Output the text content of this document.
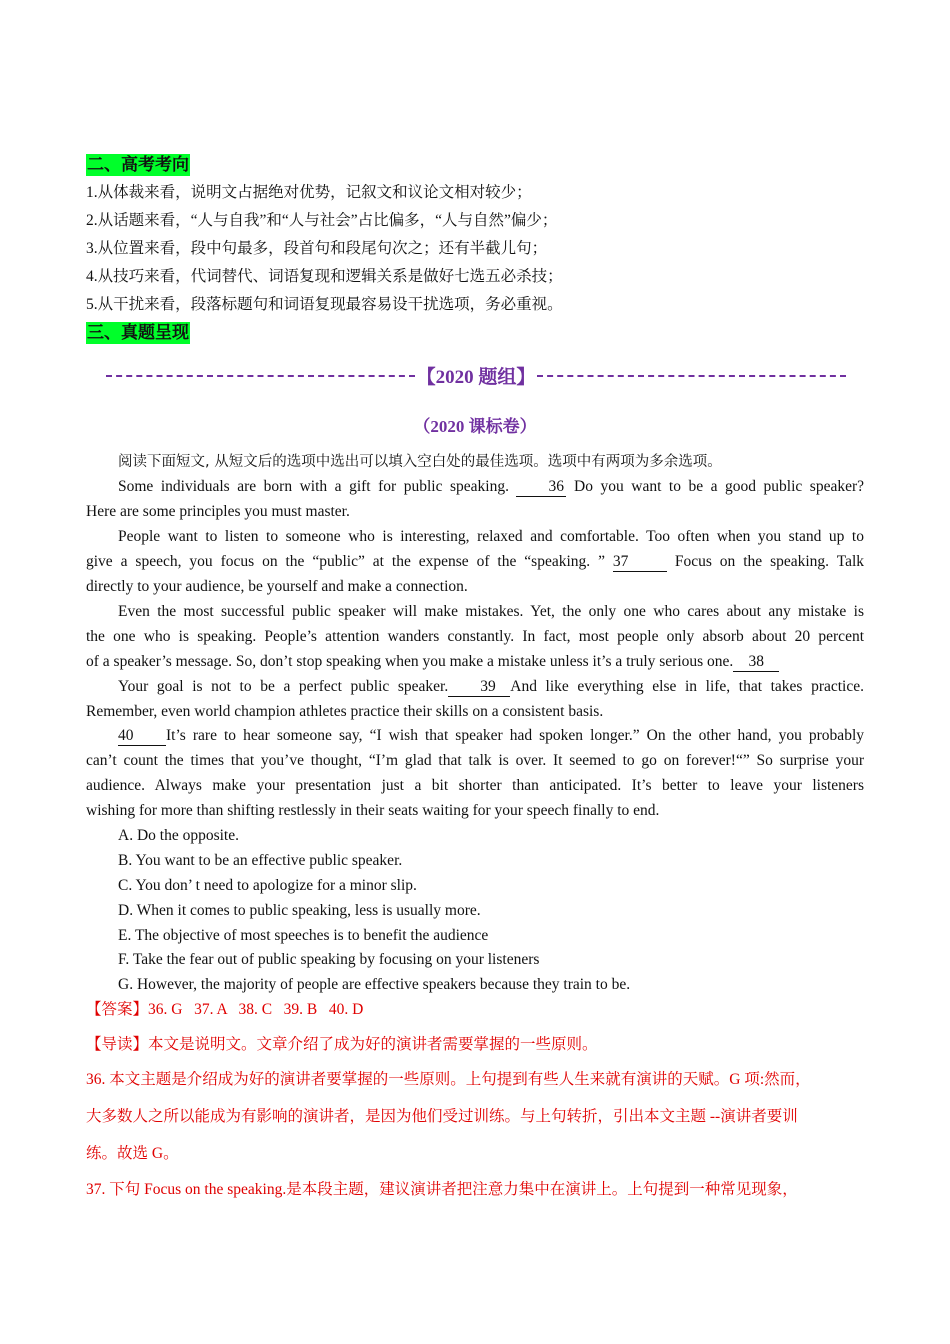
二、高考考向
1.从体裁来看，说明文占据绝对优势，记叙文和议论文相对较少；
2.从话题来看，“人与自我”和“人与社会”占比偏多，“人与自然”偏少；
3.从位置来看，段中句最多，段首句和段尾句次之；还有半截儿句；
4.从技巧来看，代词替代、词语复现和逻辑关系是做好七选五必杀技；
5.从干扰来看，段落标题句和词语复现最容易设干扰选项，务必重视。
三、真题呈现
【2020 题组】
（2020 课标卷）
阅读下面短文, 从短文后的选项中选出可以填入空白处的最佳选项。选项中有两项为多余选项。
Some individuals are born with a gift for public speaking.	36 Do you want to be a good public speaker?
Here are some principles you must master.
People want to listen to someone who is interesting, relaxed and comfortable. Too often when you stand up to
give a speech, you focus on the “public” at the expense of the “speaking. ” 37	Focus on the speaking. Talk
directly to your audience, be yourself and make a connection.
Even the most successful public speaker will make mistakes. Yet, the only one who cares about any mistake is
the one who is speaking. People’s attention wanders constantly. In fact, most people only absorb about 20 percent
of a speaker’s message. So, don’t stop speaking when you make a mistake unless it’s a truly serious one. 38
Your goal is not to be a perfect public speaker. 39 And like everything else in life, that takes practice.
Remember, even world champion athletes practice their skills on a consistent basis.
40 It’s rare to hear someone say, “I wish that speaker had spoken longer.” On the other hand, you probably
can’t count the times that you’ve thought, “I’m glad that talk is over. It seemed to go on forever!“” So surprise your
audience. Always make your presentation just a bit shorter than anticipated. It’s better to leave your listeners
wishing for more than shifting restlessly in their seats waiting for your speech finally to end.
A. Do the opposite.
B. You want to be an effective public speaker.
C. You don’ t need to apologize for a minor slip.
D. When it comes to public speaking, less is usually more.
E. The objective of most speeches is to benefit the audience
F. Take the fear out of public speaking by focusing on your listeners
G. However, the majority of people are effective speakers because they train to be.
【答案】36. G   37. A   38. C   39. B   40. D
【导读】本文是说明文。文章介绍了成为好的演讲者需要掌握的一些原则。
36. 本文主题是介绍成为好的演讲者要掌握的一些原则。上句提到有些人生来就有演讲的天赋。G 项:然而，
大多数人之所以能成为有影响的演讲者，是因为他们受过训练。与上句转折，引出本文主题 --演讲者要训
练。故选 G。
37. 下句 Focus on the speaking.是本段主题，建议演讲者把注意力集中在演讲上。上句提到一种常见现象，
